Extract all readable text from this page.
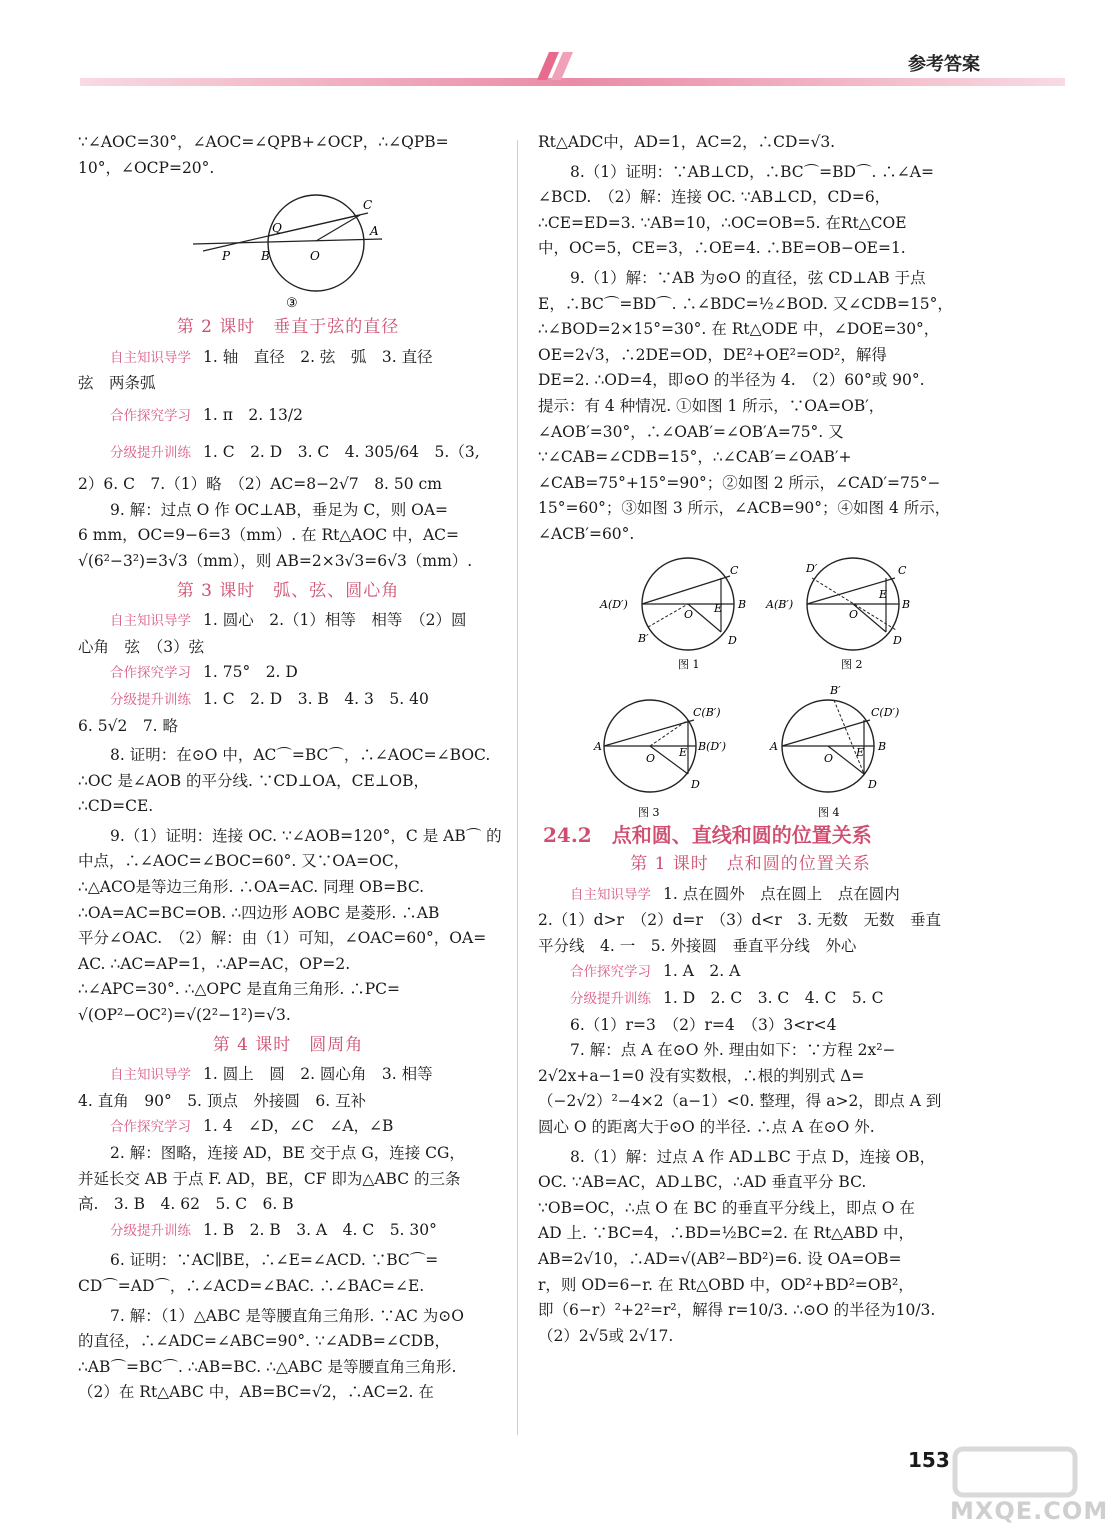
参考答案
∵∠AOC=30°，∠AOC=∠QPB+∠OCP，∴∠QPB=
10°，∠OCP=20°.
Q
C
A
P	B	O
③
第 2 课时　垂直于弦的直径
自主知识导学 1. 轴　直径　2. 弦　弧　3. 直径
弦　两条弧
合作探究学习 1. π　2. 13/2
分级提升训练 1. C　2. D　3. C　4. 305/64　5.（3,
2）6. C　7.（1）略　（2）AC=8−2√7　8. 50 cm
9. 解：过点 O 作 OC⊥AB，垂足为 C，则 OA=
6 mm，OC=9−6=3（mm）. 在 Rt△AOC 中，AC=
√(6²−3²)=3√3（mm），则 AB=2×3√3=6√3（mm）.
第 3 课时　弧、弦、圆心角
自主知识导学 1. 圆心　2.（1）相等　相等　（2）圆
心角　弦　（3）弦
合作探究学习 1. 75°　2. D
分级提升训练 1. C　2. D　3. B　4. 3　5. 40
6. 5√2　7. 略
8. 证明：在⊙O 中，AC⌒=BC⌒，∴∠AOC=∠BOC.
∴OC 是∠AOB 的平分线. ∵CD⊥OA，CE⊥OB，
∴CD=CE.
9.（1）证明：连接 OC. ∵∠AOB=120°，C 是 AB⌒ 的
中点，∴∠AOC=∠BOC=60°. 又∵OA=OC，
∴△ACO是等边三角形. ∴OA=AC. 同理 OB=BC.
∴OA=AC=BC=OB. ∴四边形 AOBC 是菱形. ∴AB
平分∠OAC.　（2）解：由（1）可知，∠OAC=60°，OA=
AC. ∴AC=AP=1，∴AP=AC，OP=2.
∴∠APC=30°. ∴△OPC 是直角三角形. ∴PC=
√(OP²−OC²)=√(2²−1²)=√3.
第 4 课时　圆周角
自主知识导学 1. 圆上　圆　2. 圆心角　3. 相等
4. 直角　90°　5. 顶点　外接圆　6. 互补
合作探究学习 1. 4　∠D，∠C　∠A，∠B
2. 解：图略，连接 AD，BE 交于点 G，连接 CG，
并延长交 AB 于点 F. AD，BE，CF 即为△ABC 的三条
高.　3. B　4. 62　5. C　6. B
分级提升训练 1. B　2. B　3. A　4. C　5. 30°
6. 证明：∵AC∥BE，∴∠E=∠ACD. ∵BC⌒=
CD⌒=AD⌒，∴∠ACD=∠BAC. ∴∠BAC=∠E.
7. 解：（1）△ABC 是等腰直角三角形. ∵AC 为⊙O
的直径，∴∠ADC=∠ABC=90°. ∵∠ADB=∠CDB，
∴AB⌒=BC⌒. ∴AB=BC. ∴△ABC 是等腰直角三角形.
（2）在 Rt△ABC 中，AB=BC=√2，∴AC=2. 在
Rt△ADC中，AD=1，AC=2，∴CD=√3.
8.（1）证明：∵AB⊥CD，∴BC⌒=BD⌒. ∴∠A=
∠BCD.　（2）解：连接 OC. ∵AB⊥CD，CD=6，
∴CE=ED=3. ∵AB=10，∴OC=OB=5. 在Rt△COE
中，OC=5，CE=3，∴OE=4. ∴BE=OB−OE=1.
9.（1）解：∵AB 为⊙O 的直径，弦 CD⊥AB 于点
E，∴BC⌒=BD⌒. ∴∠BDC=½∠BOD. 又∠CDB=15°，
∴∠BOD=2×15°=30°. 在 Rt△ODE 中，∠DOE=30°，
OE=2√3，∴2DE=OD，DE²+OE²=OD²，解得
DE=2. ∴OD=4，即⊙O 的半径为 4.　（2）60°或 90°.
提示：有 4 种情况. ①如图 1 所示，∵OA=OB′，
∠AOB′=30°，∴∠OAB′=∠OB′A=75°. 又
∵∠CAB=∠CDB=15°，∴∠CAB′=∠OAB′+
∠CAB=75°+15°=90°；②如图 2 所示，∠CAD′=75°−
15°=60°；③如图 3 所示，∠ACB=90°；④如图 4 所示，
∠ACB′=60°.
C
A(D′)
O E B
B′	D
图 1
D′	C
A(B′)
E
B
O
D
图 2
C(B′)
A
O E B(D′)
D
图 3
B′
C(D′)
A
O E B
D
图 4
24.2　点和圆、直线和圆的位置关系
第 1 课时　点和圆的位置关系
自主知识导学 1. 点在圆外　点在圆上　点在圆内
2.（1）d>r　（2）d=r　（3）d<r　3. 无数　无数　垂直
平分线　4. 一　5. 外接圆　垂直平分线　外心
合作探究学习 1. A　2. A
分级提升训练 1. D　2. C　3. C　4. C　5. C
6.（1）r=3　（2）r=4　（3）3<r<4
7. 解：点 A 在⊙O 外. 理由如下：∵方程 2x²−
2√2x+a−1=0 没有实数根，∴根的判别式 Δ=
（−2√2）²−4×2（a−1）<0. 整理，得 a>2，即点 A 到
圆心 O 的距离大于⊙O 的半径. ∴点 A 在⊙O 外.
8.（1）解：过点 A 作 AD⊥BC 于点 D，连接 OB，
OC. ∵AB=AC，AD⊥BC，∴AD 垂直平分 BC.
∵OB=OC，∴点 O 在 BC 的垂直平分线上，即点 O 在
AD 上. ∵BC=4，∴BD=½BC=2. 在 Rt△ABD 中，
AB=2√10，∴AD=√(AB²−BD²)=6. 设 OA=OB=
r，则 OD=6−r. 在 Rt△OBD 中，OD²+BD²=OB²，
即（6−r）²+2²=r²，解得 r=10/3. ∴⊙O 的半径为10/3.
（2）2√5或 2√17.
153
MXQE.COM
